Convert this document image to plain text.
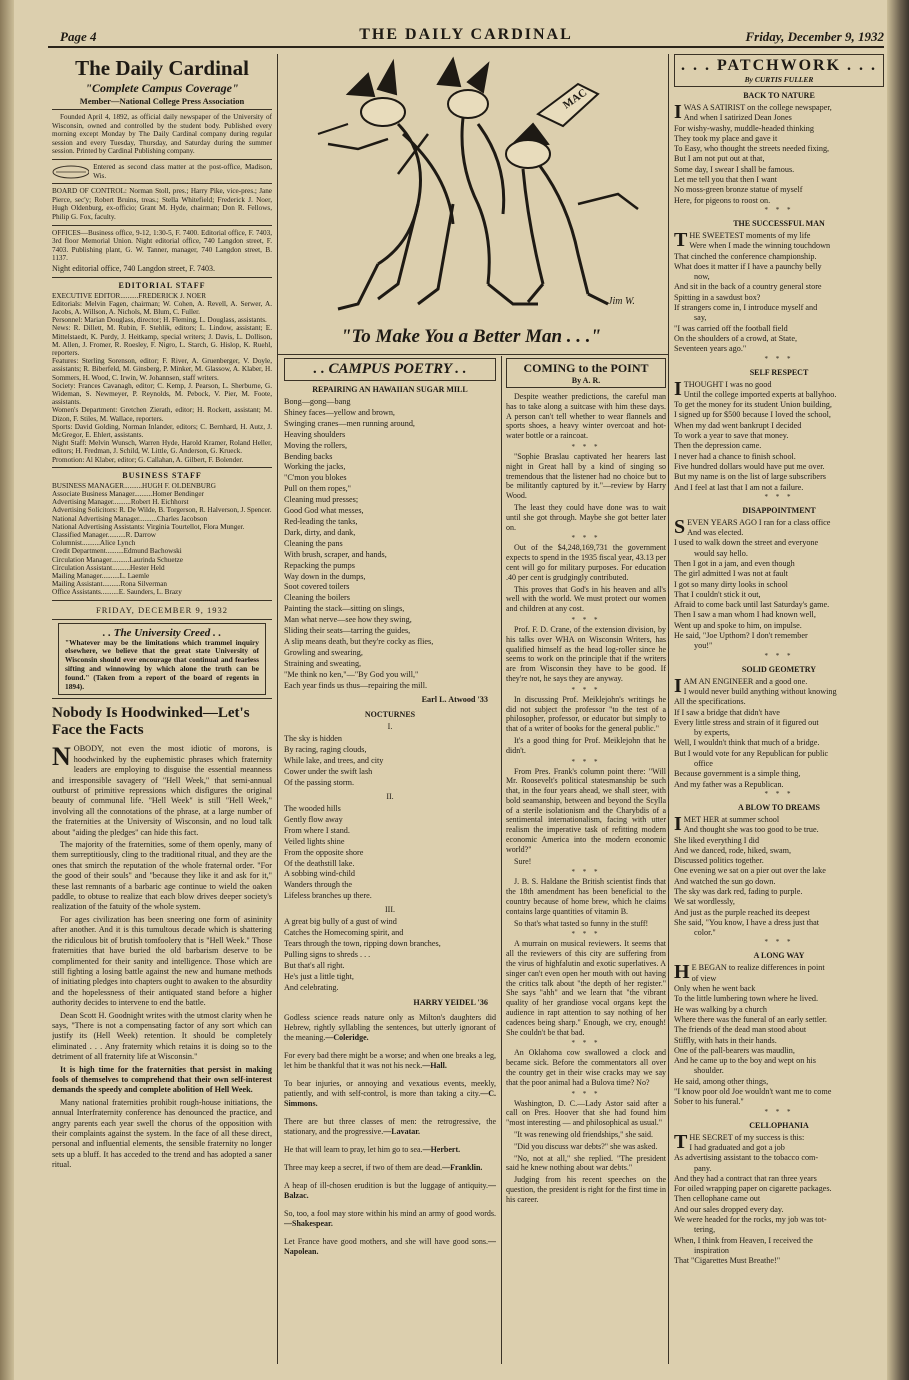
Page 4	THE DAILY CARDINAL	Friday, December 9, 1932
The Daily Cardinal
"Complete Campus Coverage"
Member—National College Press Association

Founded April 4, 1892, as official daily newspaper of the University of Wisconsin, owned and controlled by the student body. Published every morning except Monday by The Daily Cardinal company during regular session and every Tuesday, Thursday, and Saturday during the summer session. Printed by Cardinal Publishing company.

Entered as second class matter at the post-office, Madison, Wis.

BOARD OF CONTROL: Norman Stoll, pres.; Harry Pike, vice-pres.; Jane Pierce, sec'y; Robert Bruins, treas.; Stella Whitefield; Frederick J. Noer, Hugh Oldenburg, ex-officio; Grant M. Hyde, chairman; Don R. Fellows, Philip G. Fox, faculty.

OFFICES—Business office, 9-12, 1:30-5, F. 7400. Editorial office, F. 7403, 3rd floor Memorial Union. Night editorial office, 740 Langdon street, F. 7403. Publishing plant, G. W. Tanner, manager, 740 Langdon street, B. 1137.

Night editorial office, 740 Langdon street, F. 7403.

EDITORIAL STAFF

EXECUTIVE EDITOR..........FREDERICK J. NOER
Editorials: Melvin Fagen, chairman; W. Cohen, A. Revell, A. Serwer, A. Jacobs, A. Willson, A. Nichols, M. Blum, C. Fuller.
Personnel: Marian Douglass, director; H. Fleming, L. Douglass, assistants.
News: R. Dillett, M. Rubin, F. Stehlik, editors; L. Lindow, assistant; E. Mittelstaedt, K. Purdy, J. Heitkamp, special writers; J. Davis, L. Dollison, M. Allen, J. Fromer, R. Roesley, F. Nigro, L. Starch, G. Hislop, K. Ruehl, reporters.
Features: Sterling Sorenson, editor; F. River, A. Gruenberger, V. Doyle, assistants; R. Biberfeld, M. Ginsberg, P. Minker, M. Glassow, A. Klaber, H. Sommers, H. Wood, C. Irwin, W. Johannsen, staff writers.
Society: Frances Cavanagh, editor; C. Kemp, J. Pearson, L. Sherburne, G. Wideman, S. Newmeyer, P. Reynolds, M. Pebock, V. Pier, M. Foote, assistants.
Women's Department: Gretchen Zierath, editor; H. Rockett, assistant; M. Dizon, F. Stiles, M. Wallace, reporters.
Sports: David Golding, Norman Inlander, editors; C. Bernhard, H. Autz, J. McGregor, E. Ehlert, assistants.
Night Staff: Melvin Wunsch, Warren Hyde, Harold Kramer, Roland Heller, editors; H. Fredman, J. Schild, W. Little, G. Anderson, G. Krueck.
Promotion: Al Klaber, editor; G. Callahan, A. Gilbert, F. Bolender.

BUSINESS STAFF

BUSINESS MANAGER..........HUGH F. OLDENBURG
Associate Business Manager..........Homer Bendinger
Advertising Manager..........Robert H. Eichhorst
Advertising Solicitors: R. De Wilde, B. Torgerson, R. Halverson, J. Spencer.
National Advertising Manager..........Charles Jacobson
National Advertising Assistants: Virginia Tourtellot, Flora Munger.
Classified Manager..........R. Darrow
Columnist..........Alice Lynch
Credit Department..........Edmund Bachowski
Circulation Manager..........Laurinda Schuetze
Circulation Assistant..........Hester Held
Mailing Manager..........L. Laemle
Mailing Assistant..........Rona Silverman
Office Assistants..........E. Saunders, L. Brazy

FRIDAY, DECEMBER 9, 1932
. . The University Creed . .
"Whatever may be the limitations which trammel inquiry elsewhere, we believe that the great state University of Wisconsin should ever encourage that continual and fearless sifting and winnowing by which alone the truth can be found." (Taken from a report of the board of regents in 1894).
Nobody Is Hoodwinked—Let's Face the Facts

NOBODY, not even the most idiotic of morons, is hoodwinked by the euphemistic phrases which fraternity leaders are employing to disguise the essential meanness and irresponsible savagery of "Hell Week," that semi-annual outburst of primitive repressions which disfigures the original beauty of communal life. "Hell Week" is still "Hell Week," involving all the connotations of the phrase, at a large number of the fraternities at the University of Wisconsin, and no loud talk about "aiding the pledges" can hide this fact.

The majority of the fraternities, some of them openly, many of them surreptitiously, cling to the traditional ritual, and they are the ones that smirch the reputation of the whole fraternal order. "For the good of their souls" and "because they like it and ask for it," these last remnants of a barbaric age continue to wield the oaken paddle, to obtuse to realize that each blow drives deeper society's realization of the fatuity of the whole system.

For ages civilization has been sneering one form of asininity after another. And it is this tumultous decade which is shattering the ridiculous bit of brutish tomfoolery that is "Hell Week." Those fraternities that have buried the old barbarism deserve to be complimented for their sanity and intelligence. Those which are still fighting a losing battle against the new and humane methods of initiating pledges into chapters ought to awaken to the absurdity and the hopelessness of their antiquated stand before a higher authority decides to intervene to end the battle.

Dean Scott H. Goodnight writes with the utmost clarity when he says, "There is not a compensating factor of any sort which can justify its (Hell Week) retention. It should be completely eliminated . . . Any fraternity which retains it is doing so to the detriment of all fraternity life at Wisconsin."

It is high time for the fraternities that persist in making fools of themselves to comprehend that their own self-interest demands the speedy and complete abolition of Hell Week.

Many national fraternities prohibit rough-house initiations, the annual Interfraternity conference has denounced the practice, and angry parents each year swell the chorus of the opposition with their complaints against the system. In the face of all these direct, personal and influential elements, the sensible fraternity no longer sets up a bluff. It has acceded to the trend and has adopted a saner ritual.

MAC
Jim W.
"To Make You a Better Man . . ."
. . CAMPUS POETRY . .
REPAIRING AN HAWAIIAN SUGAR MILL
Bong—gong—bang
Shiney faces—yellow and brown,
Swinging cranes—men running around,
Heaving shoulders
Moving the rollers,
Bending backs
Working the jacks,
"C'mon you blokes
Pull on them ropes,"
Cleaning mud presses;
Good God what messes,
Red-leading the tanks,
Dark, dirty, and dank,
Cleaning the pans
With brush, scraper, and hands,
Repacking the pumps
Way down in the dumps,
Soot covered toilers
Cleaning the boilers
Painting the stack—sitting on slings,
Man what nerve—see how they swing,
Sliding their seats—tarring the guides,
A slip means death, but they're cocky as flies,
Growling and swearing,
Straining and sweating,
"Me think no ken,"—"By God you will,"
Each year finds us thus—repairing the mill.
Earl L. Atwood '33
NOCTURNES
I.
The sky is hidden
By racing, raging clouds,
While lake, and trees, and city
Cower under the swift lash
Of the passing storm.
II.
The wooded hills
Gently flow away
From where I stand.
Veiled lights shine
From the opposite shore
Of the deathstill lake.
A sobbing wind-child
Wanders through the
Lifeless branches up there.
III.
A great big bully of a gust of wind
Catches the Homecoming spirit, and
Tears through the town, ripping down branches,
Pulling signs to shreds . . .
But that's all right.
He's just a little tight,
And celebrating.
HARRY YEIDEL '36
Godless science reads nature only as Milton's daughters did Hebrew, rightly syllabling the sentences, but utterly ignorant of the meaning.—Coleridge.
For every bad there might be a worse; and when one breaks a leg, let him be thankful that it was not his neck.—Hall.
To bear injuries, or annoying and vexatious events, meekly, patiently, and with self-control, is more than taking a city.—C. Simmons.
There are but three classes of men: the retrogressive, the stationary, and the progressive.—Lavatar.
He that will learn to pray, let him go to sea.—Herbert.
Three may keep a secret, if two of them are dead.—Franklin.
A heap of ill-chosen erudition is but the luggage of antiquity.—Balzac.
So, too, a fool may store within his mind an army of good words.—Shakespear.
Let France have good mothers, and she will have good sons.—Napolean.
COMING to the POINT
By A. R.

Despite weather predictions, the careful man has to take along a suitcase with him these days. A person can't tell whether to wear flannels and sports shoes, a heavy winter overcoat and hot-water bottle or a raincoat.

* * *

"Sophie Braslau captivated her hearers last night in Great hall by a kind of singing so tremendous that the listener had no choice but to be militantly captured by it."—review by Harry Wood.

The least they could have done was to wait until she got through. Maybe she got better later on.

* * *

Out of the $4,248,169,731 the government expects to spend in the 1935 fiscal year, 43.13 per cent will go for military purposes. For education .40 per cent is grudgingly contributed.

This proves that God's in his heaven and all's well with the world. We must protect our women and children at any cost.

* * *

Prof. F. D. Crane, of the extension division, by his talks over WHA on Wisconsin Writers, has qualified himself as the head log-roller since he seems to work on the principle that if the writers are from Wisconsin they have to be good. If they're not, he says they are anyway.

* * *

In discussing Prof. Meiklejohn's writings he did not subject the professor "to the test of a philosopher, professor, or educator but simply to that of a writer of books for the general public."

It's a good thing for Prof. Meiklejohn that he didn't.

* * *

From Pres. Frank's column point there: "Will Mr. Roosevelt's political statesmanship be such that, in the four years ahead, we shall steer, with bold seamanship, between and beyond the Scylla of a sterile isolationism and the Charybdis of a sentimental internationalism, facing with utter realism the imperative task of refitting modern economic America into the modern economic world?"

Sure!

* * *

J. B. S. Haldane the British scientist finds that the 18th amendment has been beneficial to the country because of home brew, which he claims contains large quantities of vitamin B.

So that's what tasted so funny in the stuff!

* * *

A murrain on musical reviewers. It seems that all the reviewers of this city are suffering from the virus of highfalutin and exotic superlatives. A singer can't even open her mouth with out having the critics talk about "the depth of her register." She says "ahh" and we learn that "the vibrant quality of her grandiose vocal organs kept the audience in rapt attention to say nothing of her cadences being sharp." Enough, we cry, enough! She couldn't be that bad.

* * *

An Oklahoma cow swallowed a clock and became sick. Before the commentators all over the country get in their wise cracks may we say that the poor animal had a Bulova time? No?

* * *

Washington, D. C.—Lady Astor said after a call on Pres. Hoover that she had found him "most interesting — and philosophical as usual."

"It was renewing old friendships," she said.

"Did you discuss war debts?" she was asked.

"No, not at all," she replied. "The president said he knew nothing about war debts."

Judging from his recent speeches on the question, the president is right for the first time in his career.

. . . PATCHWORK . . .
By CURTIS FULLER
BACK TO NATURE
I WAS A SATIRIST on the college newspaper,
And when I satirized Dean Jones
For wishy-washy, muddle-headed thinking
They took my place and gave it
To Easy, who thought the streets needed fixing,
But I am not put out at that,
Some day, I swear I shall be famous.
Let me tell you that then I want
No moss-green bronze statue of myself
Here, for pigeons to roost on.
* * *
THE SUCCESSFUL MAN
T HE SWEETEST moments of my life
Were when I made the winning touchdown
That cinched the conference championship.
What does it matter if I have a paunchy belly
now,
And sit in the back of a country general store
Spitting in a sawdust box?
If strangers come in, I introduce myself and
say,
"I was carried off the football field
On the shoulders of a crowd, at State,
Seventeen years ago."
* * *
SELF RESPECT
I THOUGHT I was no good
Until the college imported experts at ballyhoo.
To get the money for its student Union building,
I signed up for $500 because I loved the school,
When my dad went bankrupt I decided
To work a year to save that money.
Then the depression came.
I never had a chance to finish school.
Five hundred dollars would have put me over.
But my name is on the list of large subscribers
And I feel at last that I am not a failure.
* * *
DISAPPOINTMENT
S EVEN YEARS AGO I ran for a class office
And was elected.
I used to walk down the street and everyone
would say hello.
Then I got in a jam, and even though
The girl admitted I was not at fault
I got so many dirty looks in school
That I couldn't stick it out,
Afraid to come back until last Saturday's game.
Then I saw a man whom I had known well,
Went up and spoke to him, on impulse.
He said, "Joe Upthom? I don't remember
you!"
* * *
SOLID GEOMETRY
I AM AN ENGINEER and a good one.
I would never build anything without knowing
All the specifications.
If I saw a bridge that didn't have
Every little stress and strain of it figured out
by experts,
Well, I wouldn't think that much of a bridge.
But I would vote for any Republican for public
office
Because government is a simple thing,
And my father was a Republican.
* * *
A BLOW TO DREAMS
I MET HER at summer school
And thought she was too good to be true.
She liked everything I did
And we danced, rode, hiked, swam,
Discussed politics together.
One evening we sat on a pier out over the lake
And watched the sun go down.
The sky was dark red, fading to purple.
We sat wordlessly,
And just as the purple reached its deepest
She said, "You know, I have a dress just that
color."
* * *
A LONG WAY
H E BEGAN to realize differences in point
of view
Only when he went back
To the little lumbering town where he lived.
He was walking by a church
Where there was the funeral of an early settler.
The friends of the dead man stood about
Stiffly, with hats in their hands.
One of the pall-bearers was maudlin,
And he came up to the boy and wept on his
shoulder.
He said, among other things,
"I know poor old Joe wouldn't want me to come
Sober to his funeral."
* * *
CELLOPHANIA
T HE SECRET of my success is this:
I had graduated and got a job
As advertising assistant to the tobacco com-
pany.
And they had a contract that ran three years
For oiled wrapping paper on cigarette packages.
Then cellophane came out
And our sales dropped every day.
We were headed for the rocks, my job was tot-
tering,
When, I think from Heaven, I received the
inspiration
That "Cigarettes Must Breathe!"
